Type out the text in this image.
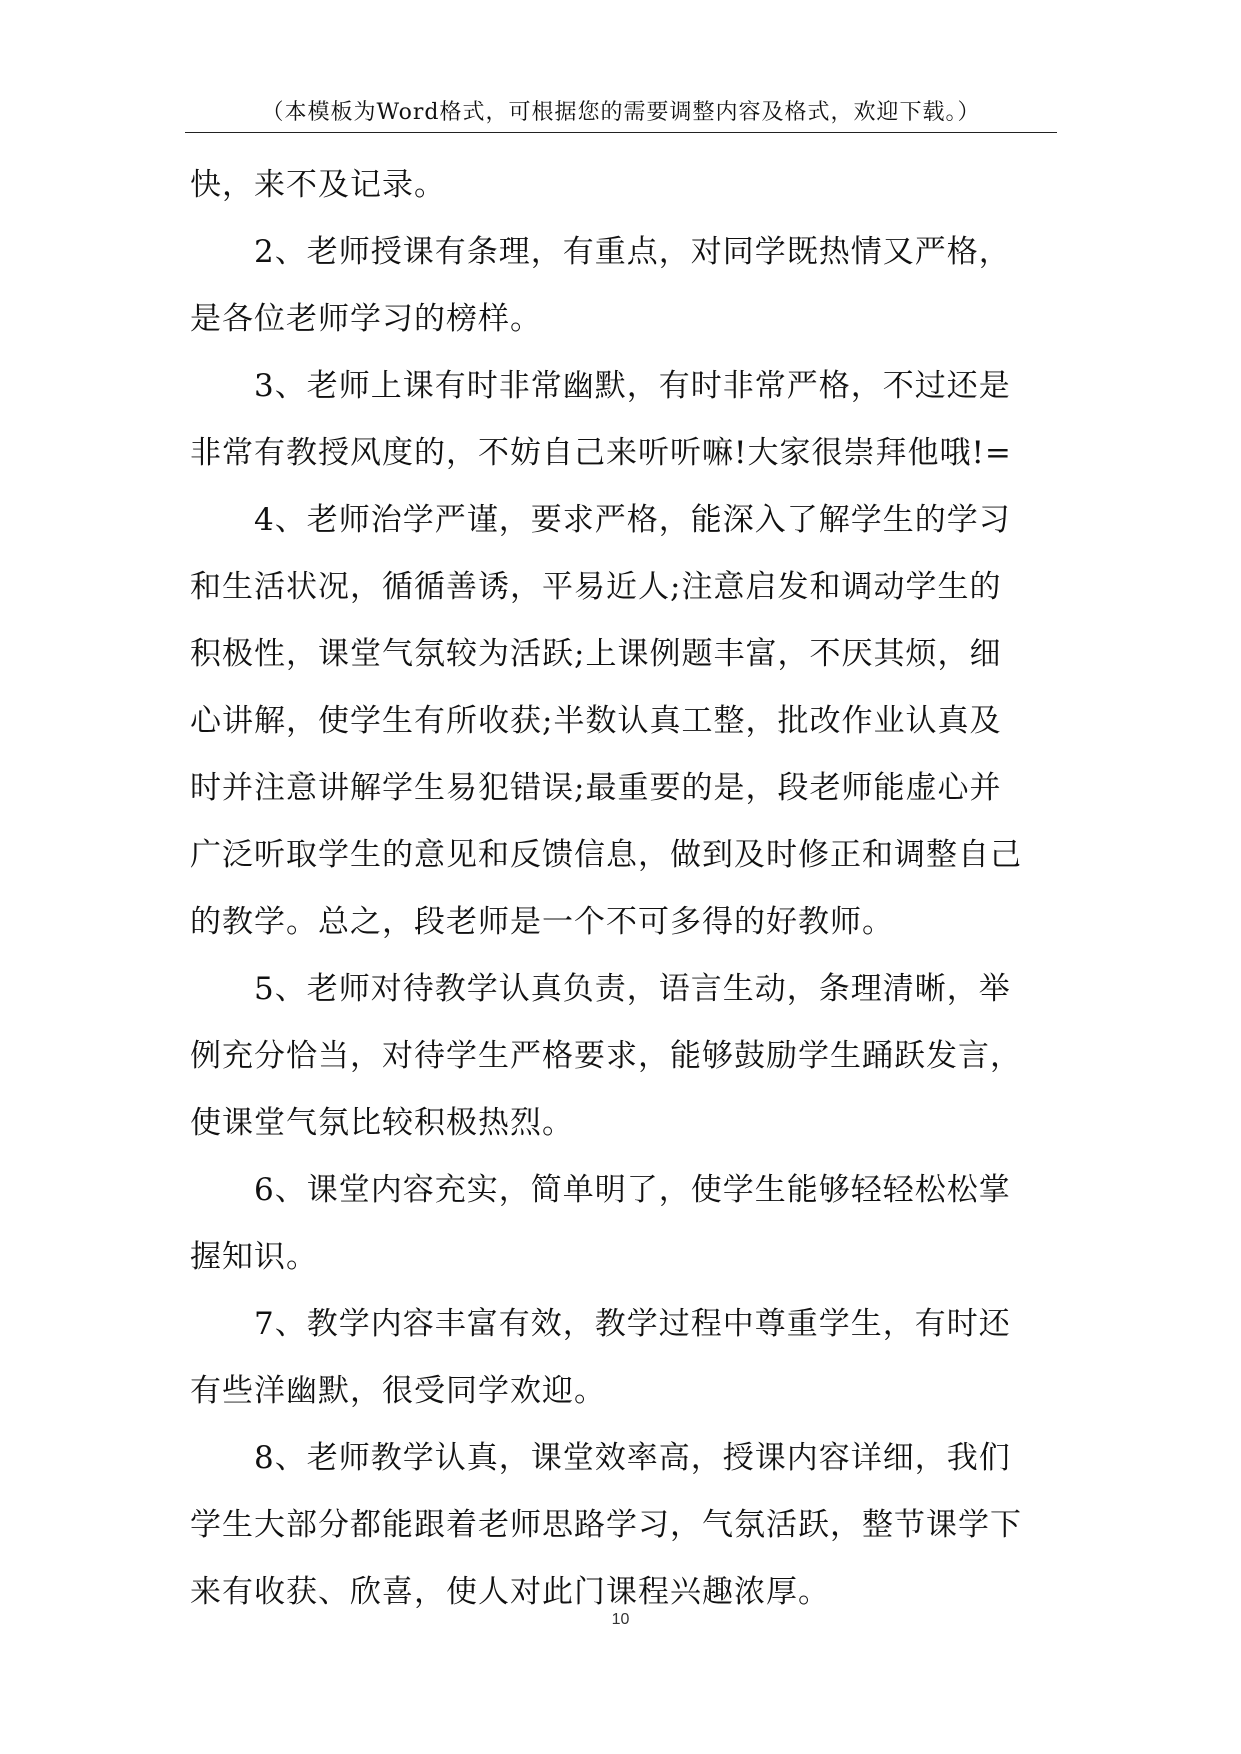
（本模板为Word格式，可根据您的需要调整内容及格式，欢迎下载。）
快，来不及记录。
2、老师授课有条理，有重点，对同学既热情又严格，
是各位老师学习的榜样。
3、老师上课有时非常幽默，有时非常严格，不过还是
非常有教授风度的，不妨自己来听听嘛!大家很崇拜他哦!=
4、老师治学严谨，要求严格，能深入了解学生的学习
和生活状况，循循善诱，平易近人;注意启发和调动学生的
积极性，课堂气氛较为活跃;上课例题丰富，不厌其烦，细
心讲解，使学生有所收获;半数认真工整，批改作业认真及
时并注意讲解学生易犯错误;最重要的是，段老师能虚心并
广泛听取学生的意见和反馈信息，做到及时修正和调整自己
的教学。总之，段老师是一个不可多得的好教师。
5、老师对待教学认真负责，语言生动，条理清晰，举
例充分恰当，对待学生严格要求，能够鼓励学生踊跃发言，
使课堂气氛比较积极热烈。
6、课堂内容充实，简单明了，使学生能够轻轻松松掌
握知识。
7、教学内容丰富有效，教学过程中尊重学生，有时还
有些洋幽默，很受同学欢迎。
8、老师教学认真，课堂效率高，授课内容详细，我们
学生大部分都能跟着老师思路学习，气氛活跃，整节课学下
来有收获、欣喜，使人对此门课程兴趣浓厚。
10
